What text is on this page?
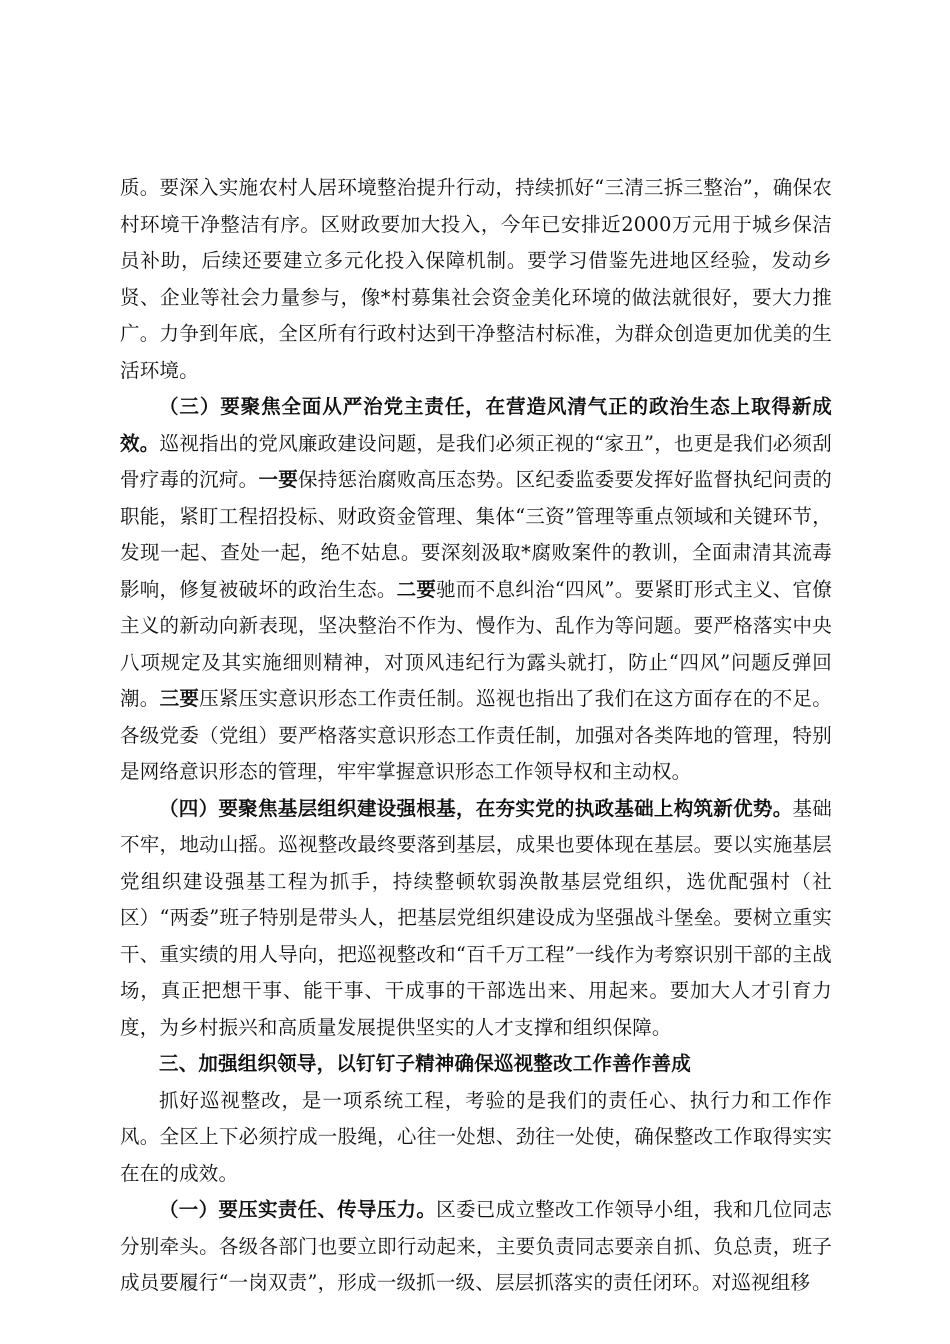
质。要深入实施农村人居环境整治提升行动，持续抓好“三清三拆三整治”，确保农村环境干净整洁有序。区财政要加大投入，今年已安排近2000万元用于城乡保洁员补助，后续还要建立多元化投入保障机制。要学习借鉴先进地区经验，发动乡贤、企业等社会力量参与，像*村募集社会资金美化环境的做法就很好，要大力推广。力争到年底，全区所有行政村达到干净整洁村标准，为群众创造更加优美的生活环境。

（三）要聚焦全面从严治党主责任，在营造风清气正的政治生态上取得新成效。巡视指出的党风廉政建设问题，是我们必须正视的“家丑”，也更是我们必须刮骨疗毒的沉疴。一要保持惩治腐败高压态势。区纪委监委要发挥好监督执纪问责的职能，紧盯工程招投标、财政资金管理、集体“三资”管理等重点领域和关键环节，发现一起、查处一起，绝不姑息。要深刻汲取*腐败案件的教训，全面肃清其流毒影响，修复被破坏的政治生态。二要驰而不息纠治“四风”。要紧盯形式主义、官僚主义的新动向新表现，坚决整治不作为、慢作为、乱作为等问题。要严格落实中央八项规定及其实施细则精神，对顶风违纪行为露头就打，防止“四风”问题反弹回潮。三要压紧压实意识形态工作责任制。巡视也指出了我们在这方面存在的不足。各级党委（党组）要严格落实意识形态工作责任制，加强对各类阵地的管理，特别是网络意识形态的管理，牢牢掌握意识形态工作领导权和主动权。

（四）要聚焦基层组织建设强根基，在夯实党的执政基础上构筑新优势。基础不牢，地动山摇。巡视整改最终要落到基层，成果也要体现在基层。要以实施基层党组织建设强基工程为抓手，持续整顿软弱涣散基层党组织，选优配强村（社区）“两委”班子特别是带头人，把基层党组织建设成为坚强战斗堡垒。要树立重实干、重实绩的用人导向，把巡视整改和“百千万工程”一线作为考察识别干部的主战场，真正把想干事、能干事、干成事的干部选出来、用起来。要加大人才引育力度，为乡村振兴和高质量发展提供坚实的人才支撑和组织保障。

三、加强组织领导，以钉钉子精神确保巡视整改工作善作善成

抓好巡视整改，是一项系统工程，考验的是我们的责任心、执行力和工作作风。全区上下必须拧成一股绳，心往一处想、劲往一处使，确保整改工作取得实实在在的成效。

（一）要压实责任、传导压力。区委已成立整改工作领导小组，我和几位同志分别牵头。各级各部门也要立即行动起来，主要负责同志要亲自抓、负总责，班子成员要履行“一岗双责”，形成一级抓一级、层层抓落实的责任闭环。对巡视组移
